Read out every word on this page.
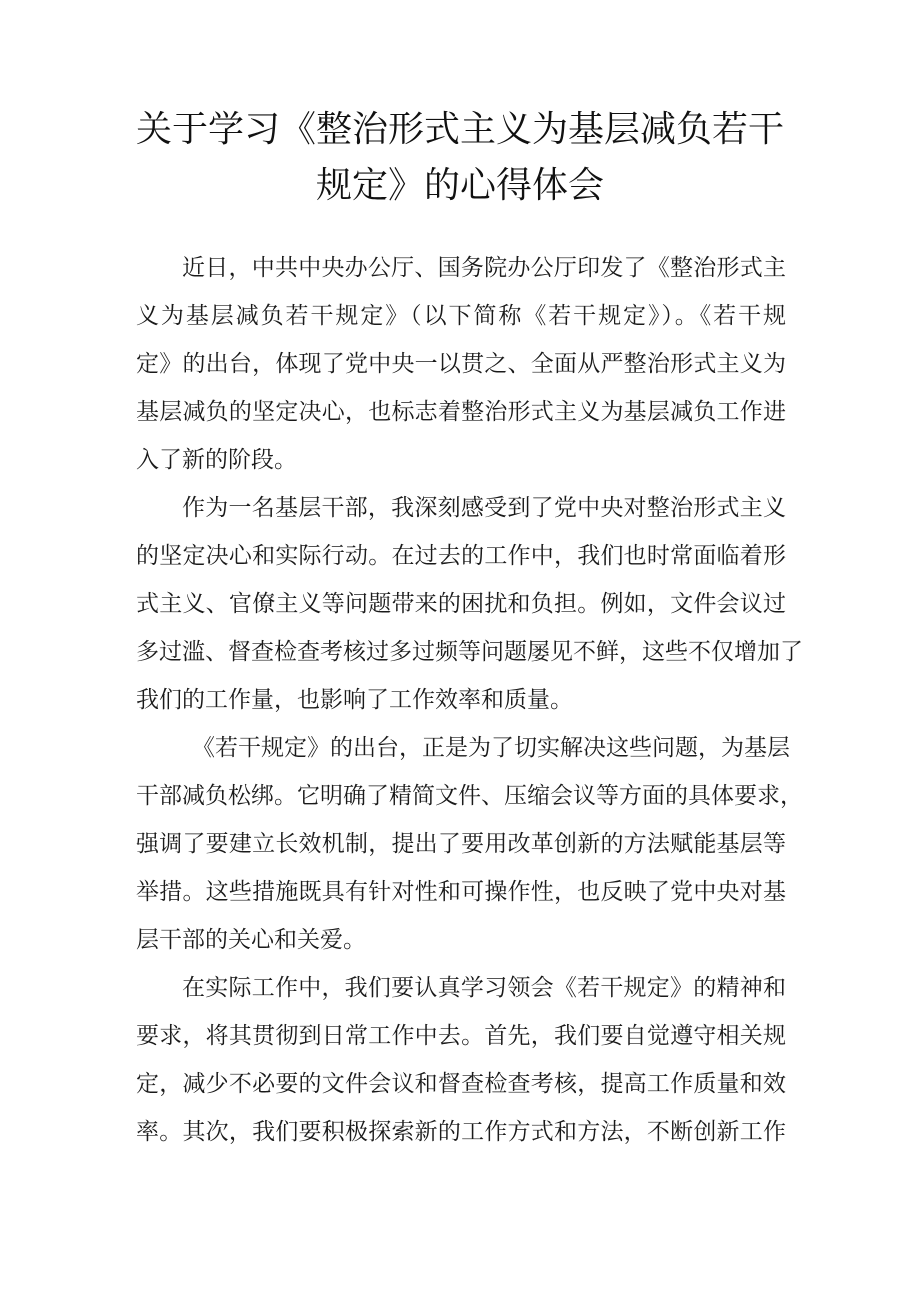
关于学习《整治形式主义为基层减负若干
规定》的心得体会

近日，中共中央办公厅、国务院办公厅印发了《整治形式主
义为基层减负若干规定》（以下简称《若干规定》）。《若干规
定》的出台，体现了党中央一以贯之、全面从严整治形式主义为
基层减负的坚定决心，也标志着整治形式主义为基层减负工作进
入了新的阶段。

作为一名基层干部，我深刻感受到了党中央对整治形式主义
的坚定决心和实际行动。在过去的工作中，我们也时常面临着形
式主义、官僚主义等问题带来的困扰和负担。例如，文件会议过
多过滥、督查检查考核过多过频等问题屡见不鲜，这些不仅增加了
我们的工作量，也影响了工作效率和质量。

《若干规定》的出台，正是为了切实解决这些问题，为基层
干部减负松绑。它明确了精简文件、压缩会议等方面的具体要求，
强调了要建立长效机制，提出了要用改革创新的方法赋能基层等
举措。这些措施既具有针对性和可操作性，也反映了党中央对基
层干部的关心和关爱。

在实际工作中，我们要认真学习领会《若干规定》的精神和
要求，将其贯彻到日常工作中去。首先，我们要自觉遵守相关规
定，减少不必要的文件会议和督查检查考核，提高工作质量和效
率。其次，我们要积极探索新的工作方式和方法，不断创新工作
